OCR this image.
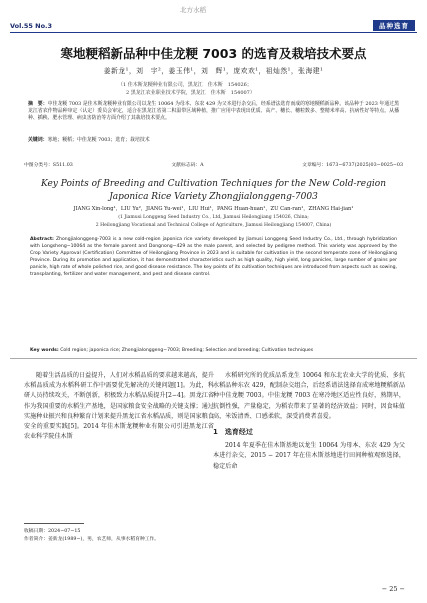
北方水稻
Vol.55 No.3	品种选育
寒地粳稻新品种中佳龙粳 7003 的选育及栽培技术要点
姜新龙¹，刘　宇²，姜玉伟¹，刘　辉¹，庞欢欢¹，祖灿然¹，张海建¹
（1 佳木斯龙粳种业有限公司，黑龙江　佳木斯　154026；
2 黑龙江农业职业技术学院，黑龙江　佳木斯　154007）
摘　要：中佳龙粳 7003 是佳木斯龙粳种业有限公司以龙生 10064 为母本、东农 429 为父本进行杂交后，经系谱法选育而成的寒地粳稻新品种。该品种于 2023 年通过黑龙江省农作物品种审定（认定）委员会审定，适合在黑龙江省第二积温带区域种植，推广应用中表现出优质、高产、穗长、穗粒数多、整精米率高、抗病性好等特点。从播种、插秧、肥水管理、病虫害防治等方面介绍了其栽培技术要点。
关键词：寒地；粳稻；中佳龙粳 7003；选育；栽培技术
中图分类号：S511.03	文献标志码：A	文章编号：1673−6737(2025)03−0025−03
Key Points of Breeding and Cultivation Techniques for the New Cold-region
Japonica Rice Variety Zhongjialonggeng-7003
JIANG Xin-long¹，LIU Yu²，JIANG Yu-wei¹，LIU Hui¹，PANG Huan-huan¹，ZU Can-ran¹，ZHANG Hai-jian¹
(1 Jiamusi Longgeng Seed Industry Co., Ltd, Jiamusi Heilongjiang 154026, China;
2 Heilongjiang Vocational and Technical College of Agriculture, Jiamusi Heilongjiang 154007, China)
Abstract: Zhongjialonggeng-7003 is a new cold-region japonica rice variety developed by Jiamusi Longgeng Seed Industry Co., Ltd., through hybridization with Longsheng−10064 as the female parent and Dongnong−429 as the male parent, and selected by pedigree method. This variety was approved by the Crop Variety Approval (Certification) Committee of Heilongjiang Province in 2023 and is suitable for cultivation in the second temperate zone of Heilongjiang Province. During its promotion and application, it has demonstrated characteristics such as high quality, high yield, long panicles, large number of grains per panicle, high rate of whole polished rice, and good disease resistance. The key points of its cultivation techniques are introduced from aspects such as sowing, transplanting, fertilizer and water management, and pest and disease control.
Key words: Cold region; japonica rice; Zhongjialonggeng−7003; Breeding; Selection and breeding; Cultivation techniques

随着生活品质的日益提升，人们对水稻品质的要求越来越高，提升水稻品质成为水稻科研工作中需要优先解决的关键问题[1]。为此，科研人员持续攻关，不断创新，积极致力水稻品质提升[2−4]。黑龙江省作为我国重要的水稻生产基地，是国家粮食安全战略的关键支撑；通过实施种业振兴和良种繁育计划来提升黑龙江省水稻品质，则是国家粮食安全的重要实践[5]。2014 年佳木斯龙粳种业有限公司引进黑龙江省农业科学院佳木斯

水稻研究所的优质品系龙生 10064 和东北农业大学的优质、多抗水稻品种东农 429，配制杂交组合，后经系谱法选择育成寒地粳稻新品种中佳龙粳 7003。中佳龙粳 7003 在寒冷地区适应性良好，熟期早，抗倒性强，产量稳定，为稻农带来了显著的经济效益；同时，因食味值高，米饭清香、口感柔软，深受消费者喜爱。

1　选育经过

2014 年夏季在佳木斯基地以龙生 10064 为母本、东农 429 为父本进行杂交，2015 − 2017 年在佳木斯基地进行田间种植观察选择，稳定后命

收稿日期：2024−07−15
作者简介：姜新龙(1989−)，男，农艺师，从事水稻育种工作。
− 25 −
